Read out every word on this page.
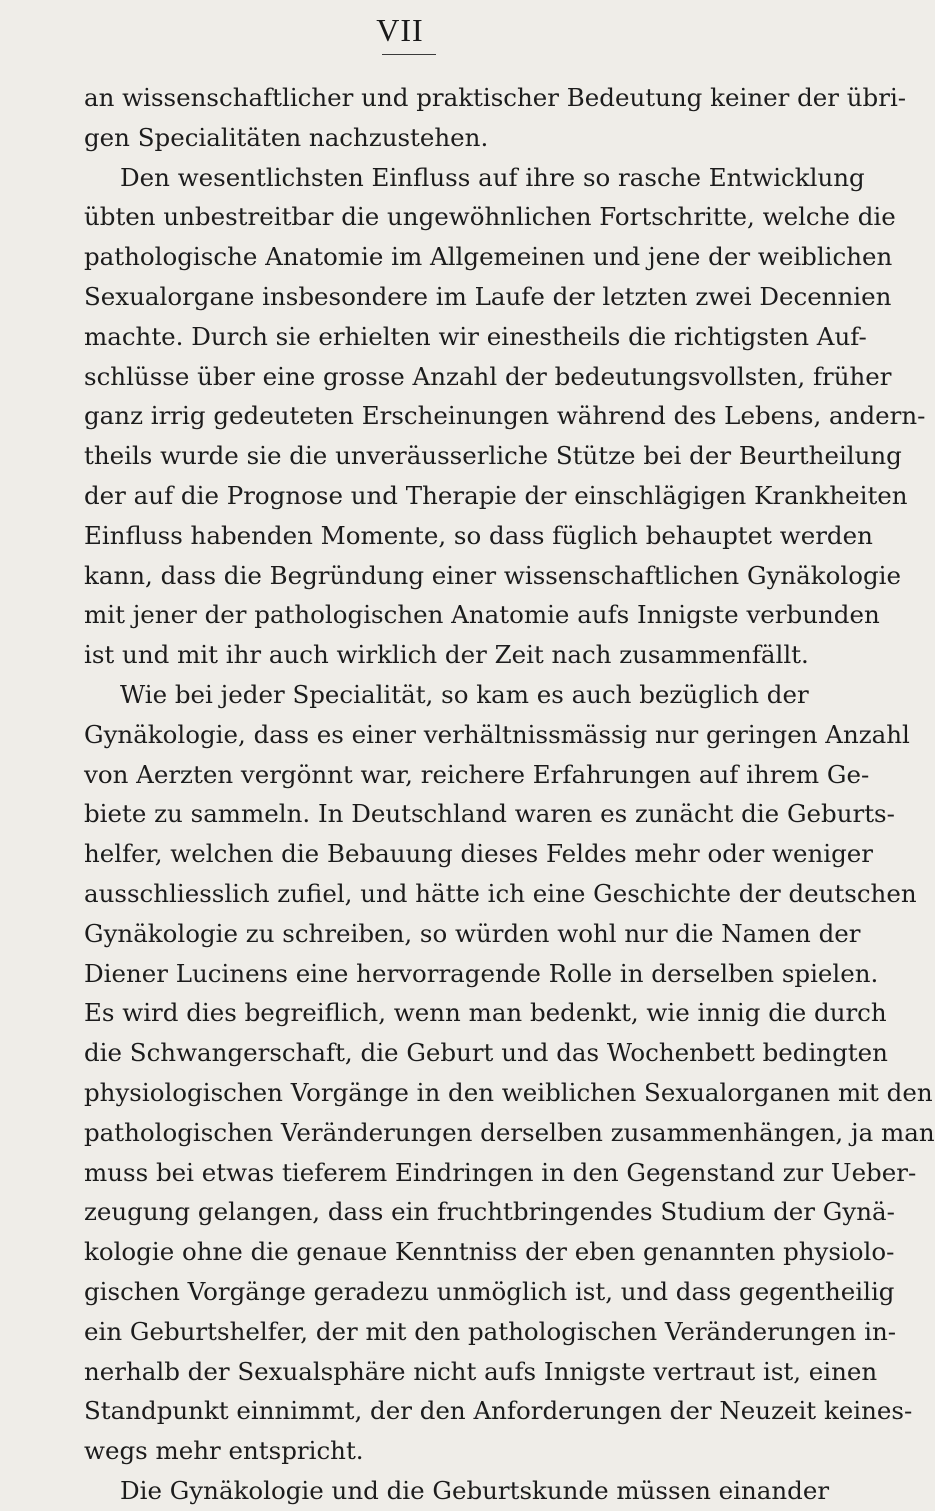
VII
an wissenschaftlicher und praktischer Bedeutung keiner der übri-
gen Specialitäten nachzustehen.
Den wesentlichsten Einfluss auf ihre so rasche Entwicklung
übten unbestreitbar die ungewöhnlichen Fortschritte, welche die
pathologische Anatomie im Allgemeinen und jene der weiblichen
Sexualorgane insbesondere im Laufe der letzten zwei Decennien
machte. Durch sie erhielten wir einestheils die richtigsten Auf-
schlüsse über eine grosse Anzahl der bedeutungsvollsten, früher
ganz irrig gedeuteten Erscheinungen während des Lebens, andern-
theils wurde sie die unveräusserliche Stütze bei der Beurtheilung
der auf die Prognose und Therapie der einschlägigen Krankheiten
Einfluss habenden Momente, so dass füglich behauptet werden
kann, dass die Begründung einer wissenschaftlichen Gynäkologie
mit jener der pathologischen Anatomie aufs Innigste verbunden
ist und mit ihr auch wirklich der Zeit nach zusammenfällt.
Wie bei jeder Specialität, so kam es auch bezüglich der
Gynäkologie, dass es einer verhältnissmässig nur geringen Anzahl
von Aerzten vergönnt war, reichere Erfahrungen auf ihrem Ge-
biete zu sammeln. In Deutschland waren es zunächt die Geburts-
helfer, welchen die Bebauung dieses Feldes mehr oder weniger
ausschliesslich zufiel, und hätte ich eine Geschichte der deutschen
Gynäkologie zu schreiben, so würden wohl nur die Namen der
Diener Lucinens eine hervorragende Rolle in derselben spielen.
Es wird dies begreiflich, wenn man bedenkt, wie innig die durch
die Schwangerschaft, die Geburt und das Wochenbett bedingten
physiologischen Vorgänge in den weiblichen Sexualorganen mit den
pathologischen Veränderungen derselben zusammenhängen, ja man
muss bei etwas tieferem Eindringen in den Gegenstand zur Ueber-
zeugung gelangen, dass ein fruchtbringendes Studium der Gynä-
kologie ohne die genaue Kenntniss der eben genannten physiolo-
gischen Vorgänge geradezu unmöglich ist, und dass gegentheilig
ein Geburtshelfer, der mit den pathologischen Veränderungen in-
nerhalb der Sexualsphäre nicht aufs Innigste vertraut ist, einen
Standpunkt einnimmt, der den Anforderungen der Neuzeit keines-
wegs mehr entspricht.
Die Gynäkologie und die Geburtskunde müssen einander
